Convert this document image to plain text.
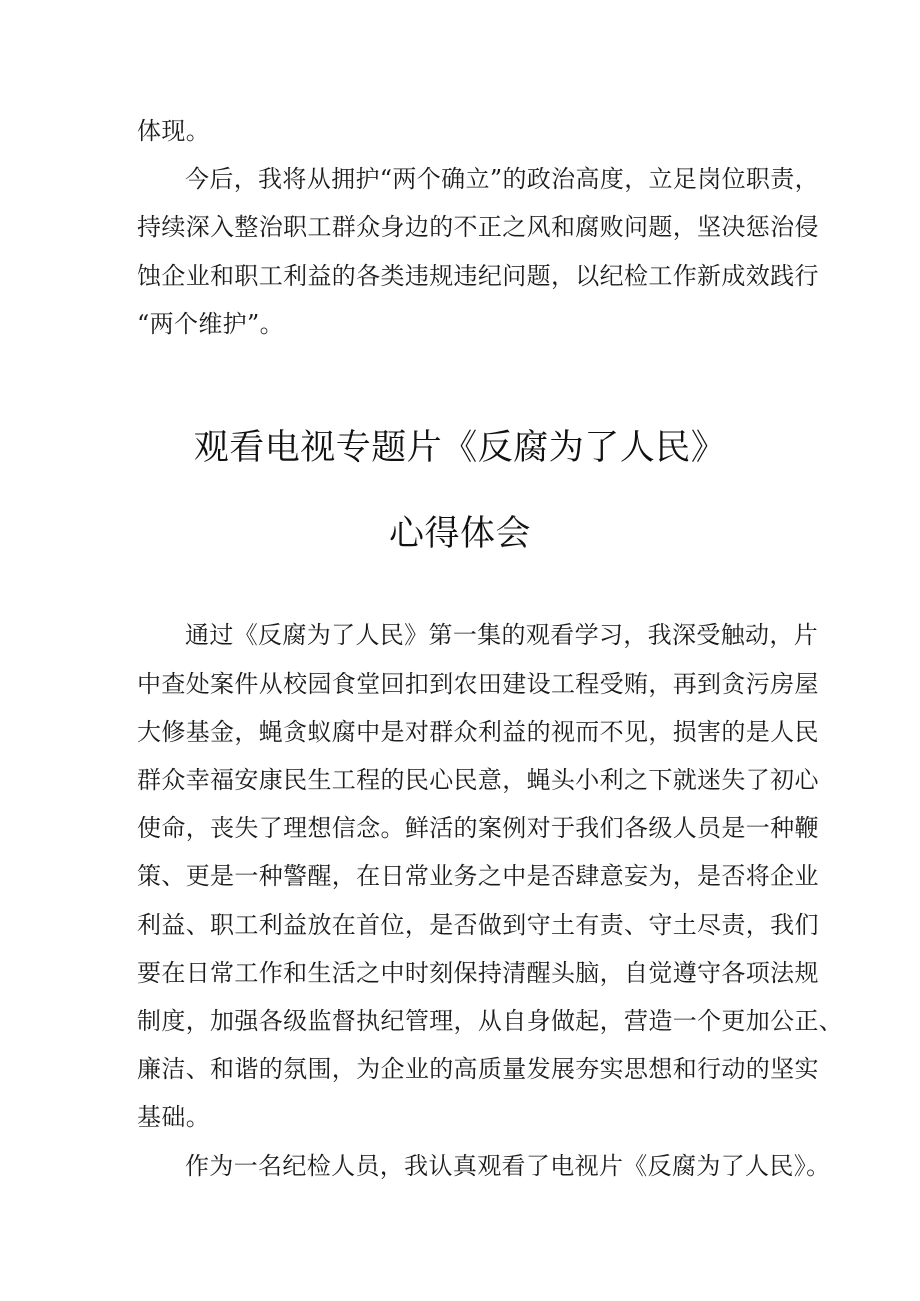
体现。
今后，我将从拥护“两个确立”的政治高度，立足岗位职责，
持续深入整治职工群众身边的不正之风和腐败问题，坚决惩治侵
蚀企业和职工利益的各类违规违纪问题，以纪检工作新成效践行
“两个维护”。
观看电视专题片《反腐为了人民》
心得体会
通过《反腐为了人民》第一集的观看学习，我深受触动，片
中查处案件从校园食堂回扣到农田建设工程受贿，再到贪污房屋
大修基金，蝇贪蚁腐中是对群众利益的视而不见，损害的是人民
群众幸福安康民生工程的民心民意，蝇头小利之下就迷失了初心
使命，丧失了理想信念。鲜活的案例对于我们各级人员是一种鞭
策、更是一种警醒，在日常业务之中是否肆意妄为，是否将企业
利益、职工利益放在首位，是否做到守土有责、守土尽责，我们
要在日常工作和生活之中时刻保持清醒头脑，自觉遵守各项法规
制度，加强各级监督执纪管理，从自身做起，营造一个更加公正、
廉洁、和谐的氛围，为企业的高质量发展夯实思想和行动的坚实
基础。
作为一名纪检人员，我认真观看了电视片《反腐为了人民》。
